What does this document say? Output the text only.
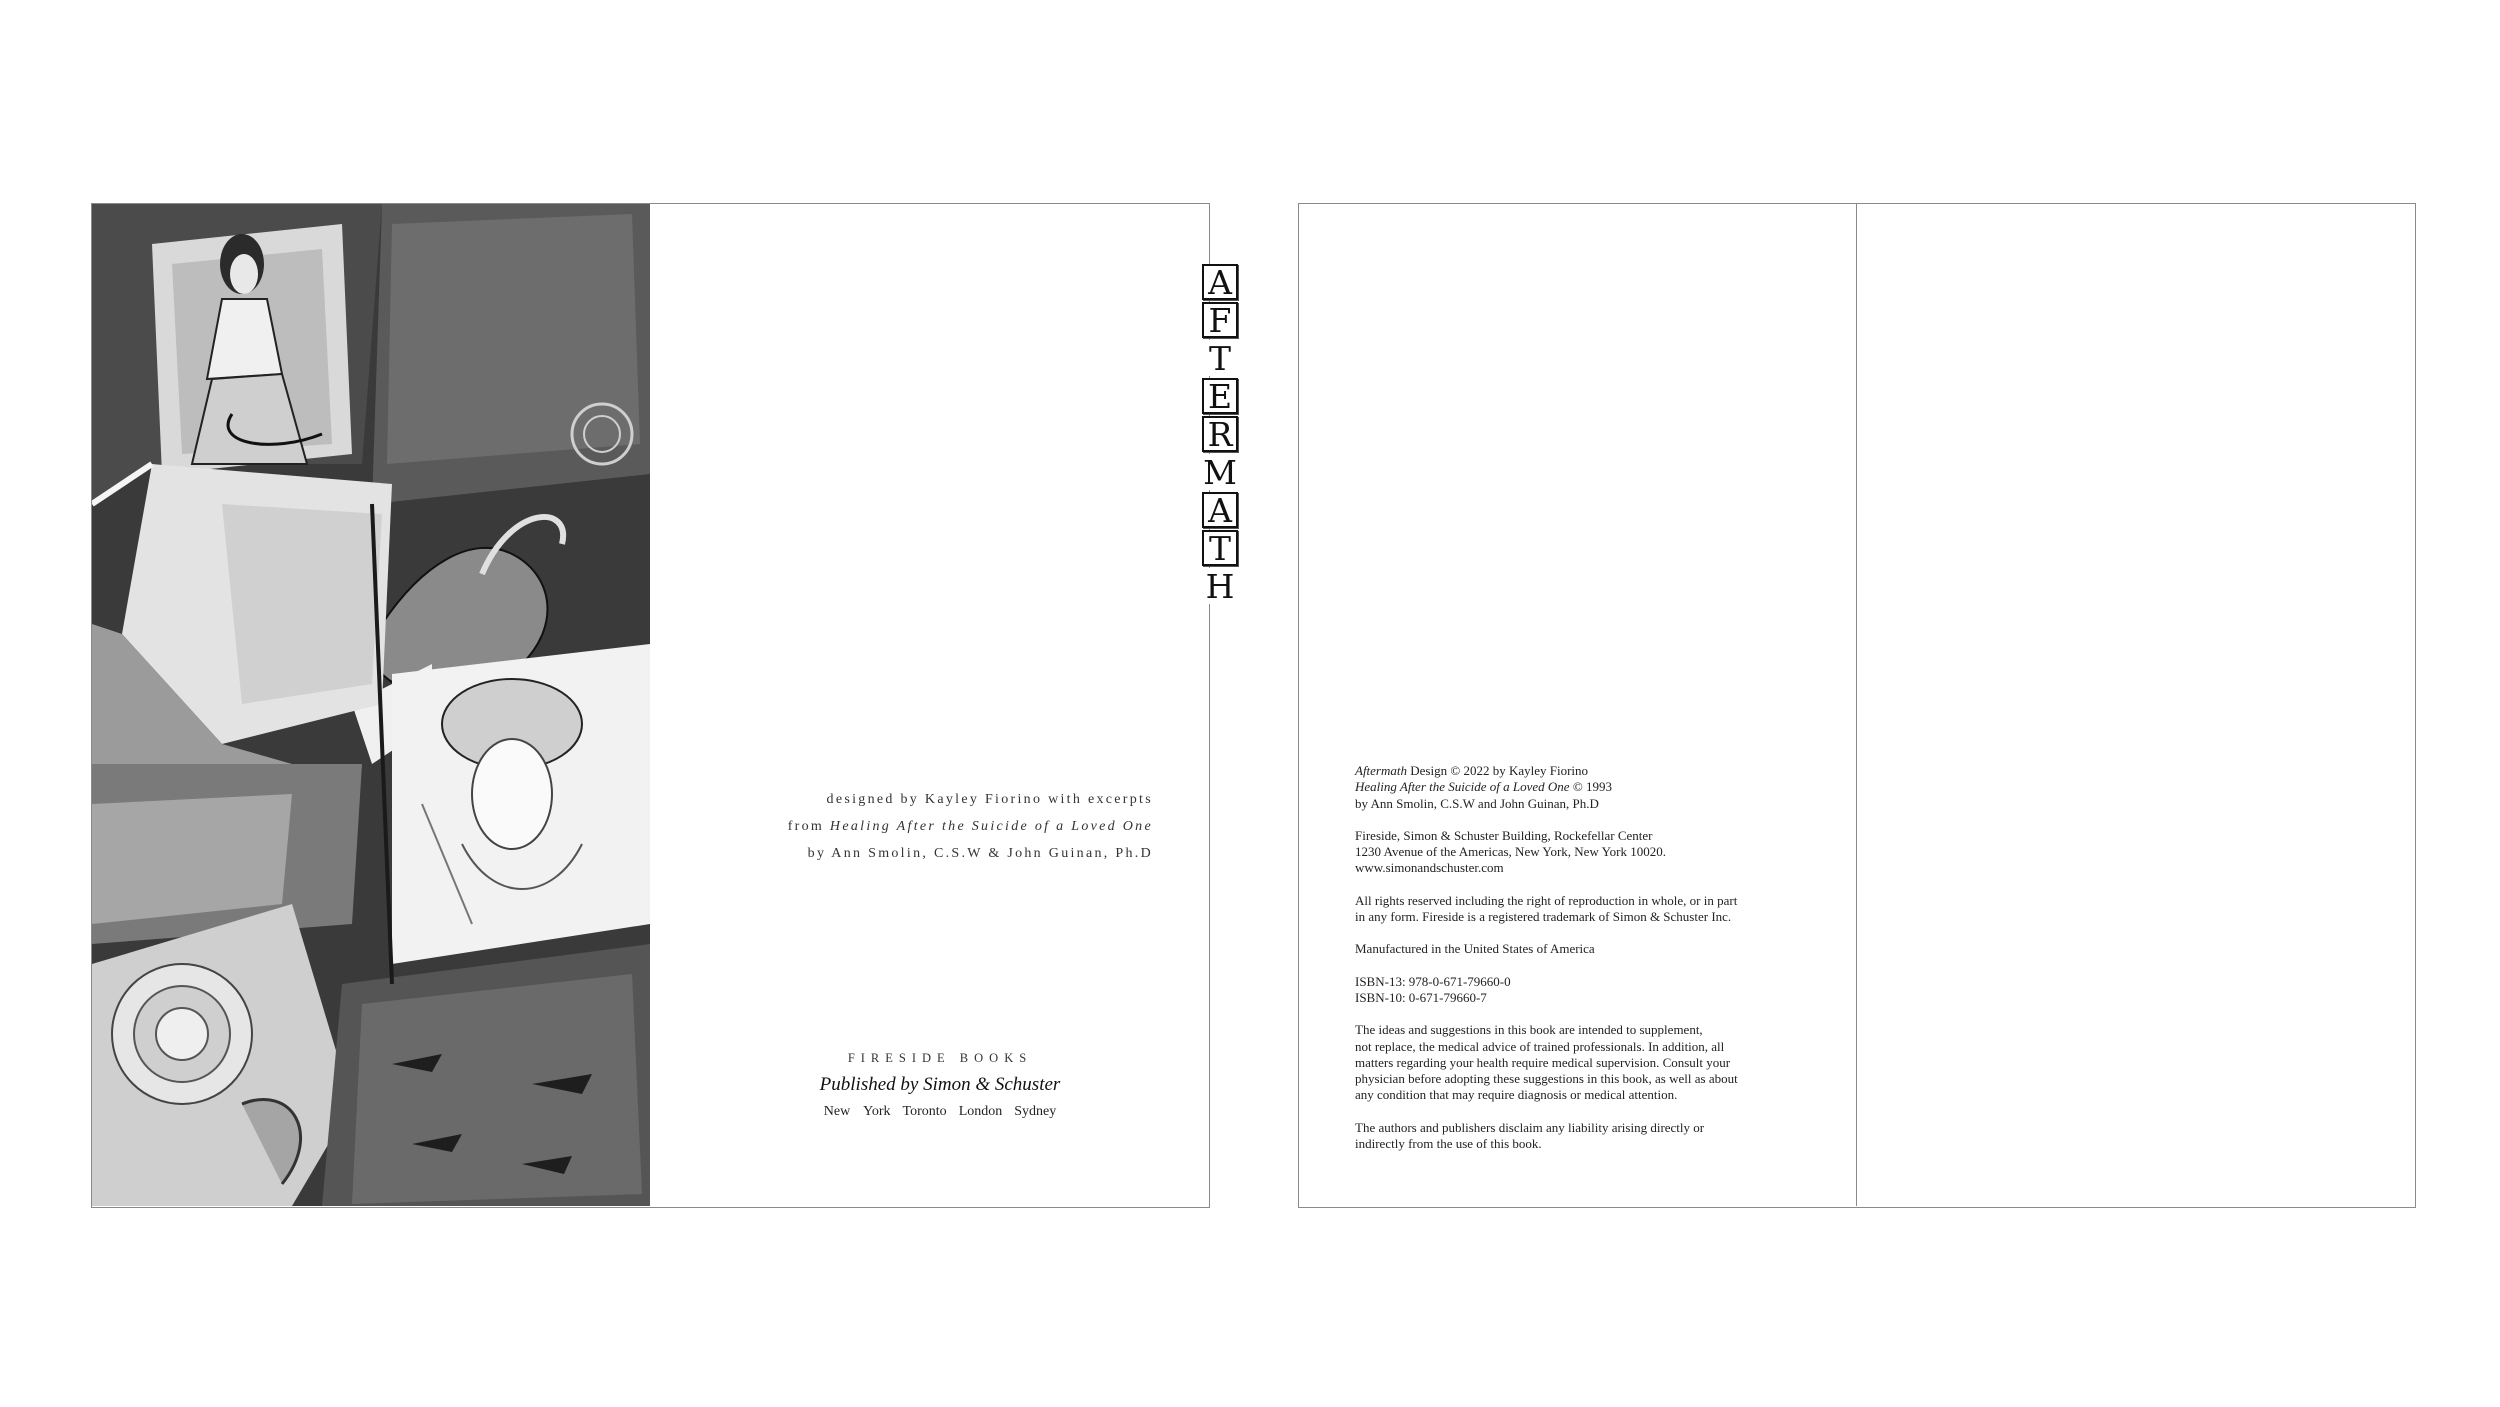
A
F
T
E
R
M
A
T
H
designed by Kayley Fiorino with excerpts
from Healing After the Suicide of a Loved One
by Ann Smolin, C.S.W & John Guinan, Ph.D
FIRESIDE BOOKS
Published by Simon & Schuster
New York Toronto London Sydney

Aftermath Design © 2022 by Kayley Fiorino
Healing After the Suicide of a Loved One © 1993
by Ann Smolin, C.S.W and John Guinan, Ph.D

Fireside, Simon & Schuster Building, Rockefellar Center
1230 Avenue of the Americas, New York, New York 10020.
www.simonandschuster.com

All rights reserved including the right of reproduction in whole, or in part
in any form. Fireside is a registered trademark of Simon & Schuster Inc.

Manufactured in the United States of America

ISBN-13: 978-0-671-79660-0
ISBN-10: 0-671-79660-7

The ideas and suggestions in this book are intended to supplement,
not replace, the medical advice of trained professionals. In addition, all
matters regarding your health require medical supervision. Consult your
physician before adopting these suggestions in this book, as well as about
any condition that may require diagnosis or medical attention.

The authors and publishers disclaim any liability arising directly or
indirectly from the use of this book.
